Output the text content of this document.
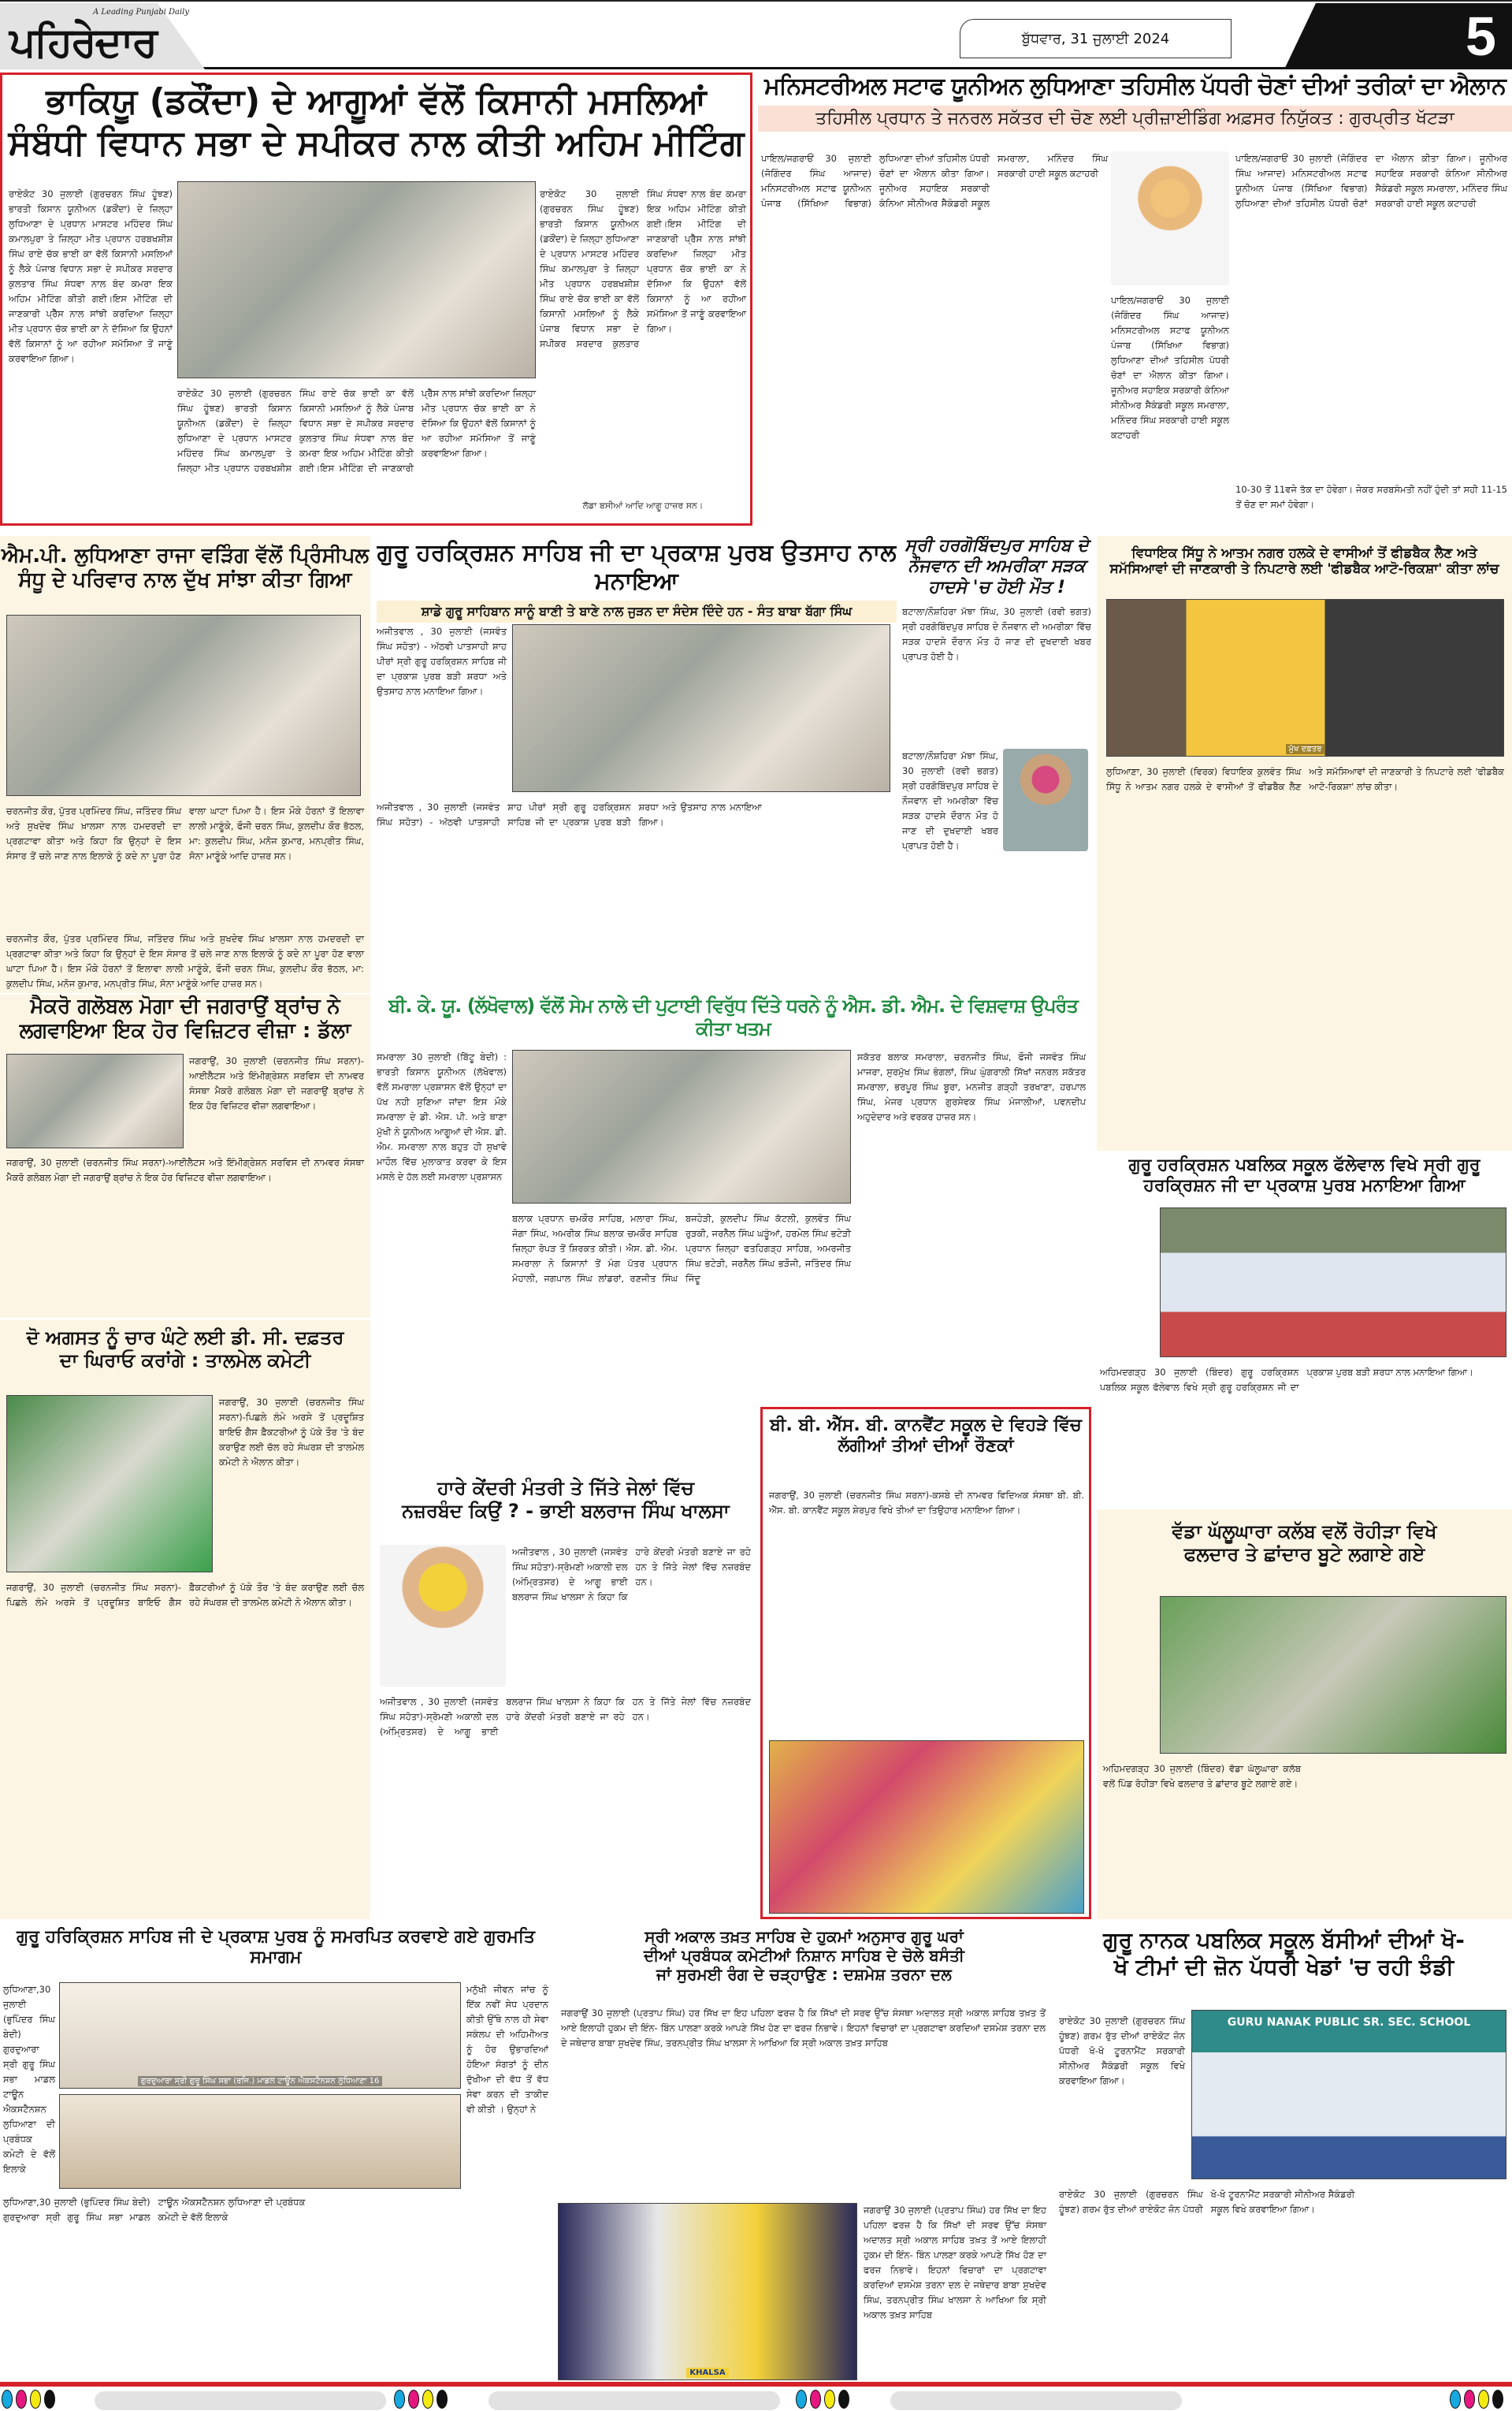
ਪਹਿਰੇਦਾਰ
A Leading Punjabi Daily
ਬੁੱਧਵਾਰ, 31 ਜੁਲਾਈ 2024	5
ਭਾਕਿਯੂ (ਡਕੌਂਦਾ) ਦੇ ਆਗੂਆਂ ਵੱਲੋਂ ਕਿਸਾਨੀ ਮਸਲਿਆਂ
ਸੰਬੰਧੀ ਵਿਧਾਨ ਸਭਾ ਦੇ ਸਪੀਕਰ ਨਾਲ ਕੀਤੀ ਅਹਿਮ ਮੀਟਿੰਗ
ਰਾਏਕੋਟ 30 ਜੁਲਾਈ (ਗੁਰਚਰਨ ਸਿੰਘ ਹੂੰਝਣ) ਭਾਰਤੀ ਕਿਸਾਨ ਯੂਨੀਅਨ (ਡਕੌਂਦਾ) ਦੇ ਜ਼ਿਲ੍ਹਾ ਲੁਧਿਆਣਾ ਦੇ ਪ੍ਰਧਾਨ ਮਾਸਟਰ ਮਹਿੰਦਰ ਸਿੰਘ ਕਮਾਲਪੁਰਾ ਤੇ ਜ਼ਿਲ੍ਹਾ ਮੀਤ ਪ੍ਰਧਾਨ ਹਰਬਖਸ਼ੀਸ਼ ਸਿੰਘ ਰਾਏ ਚੱਕ ਭਾਈ ਕਾ ਵੱਲੋਂ ਕਿਸਾਨੀ ਮਸਲਿਆਂ ਨੂੰ ਲੈਕੇ ਪੰਜਾਬ ਵਿਧਾਨ ਸਭਾ ਦੇ ਸਪੀਕਰ ਸਰਦਾਰ ਕੁਲਤਾਰ ਸਿੰਘ ਸੰਧਵਾ ਨਾਲ ਬੰਦ ਕਮਰਾ ਇਕ ਅਹਿਮ ਮੀਟਿੰਗ ਕੀਤੀ ਗਈ।ਇਸ ਮੀਟਿੰਗ ਦੀ ਜਾਣਕਾਰੀ ਪ੍ਰੈੱਸ ਨਾਲ ਸਾਂਝੀ ਕਰਦਿਆ ਜ਼ਿਲ੍ਹਾ ਮੀਤ ਪ੍ਰਧਾਨ ਚੱਕ ਭਾਈ ਕਾ ਨੇ ਦੱਸਿਆ ਕਿ ਉਹਨਾਂ ਵੱਲੋਂ ਕਿਸਾਨਾਂ ਨੂੰ ਆ ਰਹੀਆ ਸਮੱਸਿਆ ਤੋਂ ਜਾਣੂੰ ਕਰਵਾਇਆ ਗਿਆ।
ਰਾਏਕੋਟ 30 ਜੁਲਾਈ (ਗੁਰਚਰਨ ਸਿੰਘ ਹੂੰਝਣ) ਭਾਰਤੀ ਕਿਸਾਨ ਯੂਨੀਅਨ (ਡਕੌਂਦਾ) ਦੇ ਜ਼ਿਲ੍ਹਾ ਲੁਧਿਆਣਾ ਦੇ ਪ੍ਰਧਾਨ ਮਾਸਟਰ ਮਹਿੰਦਰ ਸਿੰਘ ਕਮਾਲਪੁਰਾ ਤੇ ਜ਼ਿਲ੍ਹਾ ਮੀਤ ਪ੍ਰਧਾਨ ਹਰਬਖਸ਼ੀਸ਼ ਸਿੰਘ ਰਾਏ ਚੱਕ ਭਾਈ ਕਾ ਵੱਲੋਂ ਕਿਸਾਨੀ ਮਸਲਿਆਂ ਨੂੰ ਲੈਕੇ ਪੰਜਾਬ ਵਿਧਾਨ ਸਭਾ ਦੇ ਸਪੀਕਰ ਸਰਦਾਰ ਕੁਲਤਾਰ ਸਿੰਘ ਸੰਧਵਾ ਨਾਲ ਬੰਦ ਕਮਰਾ ਇਕ ਅਹਿਮ ਮੀਟਿੰਗ ਕੀਤੀ ਗਈ।ਇਸ ਮੀਟਿੰਗ ਦੀ ਜਾਣਕਾਰੀ ਪ੍ਰੈੱਸ ਨਾਲ ਸਾਂਝੀ ਕਰਦਿਆ ਜ਼ਿਲ੍ਹਾ ਮੀਤ ਪ੍ਰਧਾਨ ਚੱਕ ਭਾਈ ਕਾ ਨੇ ਦੱਸਿਆ ਕਿ ਉਹਨਾਂ ਵੱਲੋਂ ਕਿਸਾਨਾਂ ਨੂੰ ਆ ਰਹੀਆ ਸਮੱਸਿਆ ਤੋਂ ਜਾਣੂੰ ਕਰਵਾਇਆ ਗਿਆ।
ਰਾਏਕੋਟ 30 ਜੁਲਾਈ (ਗੁਰਚਰਨ ਸਿੰਘ ਹੂੰਝਣ) ਭਾਰਤੀ ਕਿਸਾਨ ਯੂਨੀਅਨ (ਡਕੌਂਦਾ) ਦੇ ਜ਼ਿਲ੍ਹਾ ਲੁਧਿਆਣਾ ਦੇ ਪ੍ਰਧਾਨ ਮਾਸਟਰ ਮਹਿੰਦਰ ਸਿੰਘ ਕਮਾਲਪੁਰਾ ਤੇ ਜ਼ਿਲ੍ਹਾ ਮੀਤ ਪ੍ਰਧਾਨ ਹਰਬਖਸ਼ੀਸ਼ ਸਿੰਘ ਰਾਏ ਚੱਕ ਭਾਈ ਕਾ ਵੱਲੋਂ ਕਿਸਾਨੀ ਮਸਲਿਆਂ ਨੂੰ ਲੈਕੇ ਪੰਜਾਬ ਵਿਧਾਨ ਸਭਾ ਦੇ ਸਪੀਕਰ ਸਰਦਾਰ ਕੁਲਤਾਰ ਸਿੰਘ ਸੰਧਵਾ ਨਾਲ ਬੰਦ ਕਮਰਾ ਇਕ ਅਹਿਮ ਮੀਟਿੰਗ ਕੀਤੀ ਗਈ।ਇਸ ਮੀਟਿੰਗ ਦੀ ਜਾਣਕਾਰੀ ਪ੍ਰੈੱਸ ਨਾਲ ਸਾਂਝੀ ਕਰਦਿਆ ਜ਼ਿਲ੍ਹਾ ਮੀਤ ਪ੍ਰਧਾਨ ਚੱਕ ਭਾਈ ਕਾ ਨੇ ਦੱਸਿਆ ਕਿ ਉਹਨਾਂ ਵੱਲੋਂ ਕਿਸਾਨਾਂ ਨੂੰ ਆ ਰਹੀਆ ਸਮੱਸਿਆ ਤੋਂ ਜਾਣੂੰ ਕਰਵਾਇਆ ਗਿਆ।
ਲੱਡਾ ਬਸੀਆਂ ਆਦਿ ਆਗੂ ਹਾਜ਼ਰ ਸਨ।
ਮਨਿਸਟਰੀਅਲ ਸਟਾਫ ਯੂਨੀਅਨ ਲੁਧਿਆਣਾ ਤਹਿਸੀਲ ਪੱਧਰੀ ਚੋਣਾਂ ਦੀਆਂ ਤਰੀਕਾਂ ਦਾ ਐਲਾਨ
ਤਹਿਸੀਲ ਪ੍ਰਧਾਨ ਤੇ ਜਨਰਲ ਸਕੱਤਰ ਦੀ ਚੋਣ ਲਈ ਪ੍ਰੀਜ਼ਾਈਡਿੰਗ ਅਫ਼ਸਰ ਨਿਯੁੱਕਤ : ਗੁਰਪ੍ਰੀਤ ਖੱਟੜਾ
ਪਾਇਲ/ਜਗਰਾਓਂ 30 ਜੁਲਾਈ (ਜੋਗਿੰਦਰ ਸਿੰਘ ਆਜਾਦ) ਮਨਿਸਟਰੀਅਲ ਸਟਾਫ ਯੂਨੀਅਨ ਪੰਜਾਬ (ਸਿੱਖਿਆ ਵਿਭਾਗ) ਲੁਧਿਆਣਾ ਦੀਆਂ ਤਹਿਸੀਲ ਪੱਧਰੀ ਚੋਣਾਂ ਦਾ ਐਲਾਨ ਕੀਤਾ ਗਿਆ। ਜੂਨੀਅਰ ਸਹਾਇਕ ਸਰਕਾਰੀ ਕੰਨਿਆ ਸੀਨੀਅਰ ਸੈਕੰਡਰੀ ਸਕੂਲ ਸਮਰਾਲਾ, ਮਨਿੰਦਰ ਸਿੰਘ ਸਰਕਾਰੀ ਹਾਈ ਸਕੂਲ ਕਟਾਹਰੀ
ਪਾਇਲ/ਜਗਰਾਓਂ 30 ਜੁਲਾਈ (ਜੋਗਿੰਦਰ ਸਿੰਘ ਆਜਾਦ) ਮਨਿਸਟਰੀਅਲ ਸਟਾਫ ਯੂਨੀਅਨ ਪੰਜਾਬ (ਸਿੱਖਿਆ ਵਿਭਾਗ) ਲੁਧਿਆਣਾ ਦੀਆਂ ਤਹਿਸੀਲ ਪੱਧਰੀ ਚੋਣਾਂ ਦਾ ਐਲਾਨ ਕੀਤਾ ਗਿਆ। ਜੂਨੀਅਰ ਸਹਾਇਕ ਸਰਕਾਰੀ ਕੰਨਿਆ ਸੀਨੀਅਰ ਸੈਕੰਡਰੀ ਸਕੂਲ ਸਮਰਾਲਾ, ਮਨਿੰਦਰ ਸਿੰਘ ਸਰਕਾਰੀ ਹਾਈ ਸਕੂਲ ਕਟਾਹਰੀ
ਪਾਇਲ/ਜਗਰਾਓਂ 30 ਜੁਲਾਈ (ਜੋਗਿੰਦਰ ਸਿੰਘ ਆਜਾਦ) ਮਨਿਸਟਰੀਅਲ ਸਟਾਫ ਯੂਨੀਅਨ ਪੰਜਾਬ (ਸਿੱਖਿਆ ਵਿਭਾਗ) ਲੁਧਿਆਣਾ ਦੀਆਂ ਤਹਿਸੀਲ ਪੱਧਰੀ ਚੋਣਾਂ ਦਾ ਐਲਾਨ ਕੀਤਾ ਗਿਆ। ਜੂਨੀਅਰ ਸਹਾਇਕ ਸਰਕਾਰੀ ਕੰਨਿਆ ਸੀਨੀਅਰ ਸੈਕੰਡਰੀ ਸਕੂਲ ਸਮਰਾਲਾ, ਮਨਿੰਦਰ ਸਿੰਘ ਸਰਕਾਰੀ ਹਾਈ ਸਕੂਲ ਕਟਾਹਰੀ
10-30 ਤੋਂ 11ਵਜੇ ਤੱਕ ਦਾ ਹੋਵੇਗਾ। ਜੇਕਰ ਸਰਬਸੰਮਤੀ ਨਹੀਂ ਹੁੰਦੀ ਤਾਂ ਸਹੀ 11-15 ਤੋਂ ਚੋਣ ਦਾ ਸਮਾਂ ਹੋਵੇਗਾ।
ਐਮ.ਪੀ. ਲੁਧਿਆਣਾ ਰਾਜਾ ਵੜਿੰਗ ਵੱਲੋਂ ਪ੍ਰਿੰਸੀਪਲ
ਸੰਧੂ ਦੇ ਪਰਿਵਾਰ ਨਾਲ ਦੁੱਖ ਸਾਂਝਾ ਕੀਤਾ ਗਿਆ
ਚਰਨਜੀਤ ਕੌਰ, ਪੁੱਤਰ ਪ੍ਰਮਿੰਦਰ ਸਿੰਘ, ਜਤਿੰਦਰ ਸਿੰਘ ਅਤੇ ਸੁਖਦੇਵ ਸਿੰਘ ਖ਼ਾਲਸਾ ਨਾਲ ਹਮਦਰਦੀ ਦਾ ਪ੍ਰਗਟਾਵਾ ਕੀਤਾ ਅਤੇ ਕਿਹਾ ਕਿ ਉਨ੍ਹਾਂ ਦੇ ਇਸ ਸੰਸਾਰ ਤੋਂ ਚਲੇ ਜਾਣ ਨਾਲ ਇਲਾਕੇ ਨੂੰ ਕਦੇ ਨਾ ਪੂਰਾ ਹੋਣ ਵਾਲਾ ਘਾਟਾ ਪਿਆ ਹੈ। ਇਸ ਮੌਕੇ ਹੋਰਨਾਂ ਤੋਂ ਇਲਾਵਾ ਲਾਲੀ ਮਾਣੂੰਕੇ, ਫੌਜੀ ਚਰਨ ਸਿੰਘ, ਕੁਲਦੀਪ ਕੌਰ ਭੱਠਲ, ਮਾ: ਕੁਲਦੀਪ ਸਿੰਘ, ਮਨੋਜ ਕੁਮਾਰ, ਮਨਪ੍ਰੀਤ ਸਿੰਘ, ਸੋਨਾ ਮਾਣੂੰਕੇ ਆਦਿ ਹਾਜ਼ਰ ਸਨ।
ਚਰਨਜੀਤ ਕੌਰ, ਪੁੱਤਰ ਪ੍ਰਮਿੰਦਰ ਸਿੰਘ, ਜਤਿੰਦਰ ਸਿੰਘ ਅਤੇ ਸੁਖਦੇਵ ਸਿੰਘ ਖ਼ਾਲਸਾ ਨਾਲ ਹਮਦਰਦੀ ਦਾ ਪ੍ਰਗਟਾਵਾ ਕੀਤਾ ਅਤੇ ਕਿਹਾ ਕਿ ਉਨ੍ਹਾਂ ਦੇ ਇਸ ਸੰਸਾਰ ਤੋਂ ਚਲੇ ਜਾਣ ਨਾਲ ਇਲਾਕੇ ਨੂੰ ਕਦੇ ਨਾ ਪੂਰਾ ਹੋਣ ਵਾਲਾ ਘਾਟਾ ਪਿਆ ਹੈ। ਇਸ ਮੌਕੇ ਹੋਰਨਾਂ ਤੋਂ ਇਲਾਵਾ ਲਾਲੀ ਮਾਣੂੰਕੇ, ਫੌਜੀ ਚਰਨ ਸਿੰਘ, ਕੁਲਦੀਪ ਕੌਰ ਭੱਠਲ, ਮਾ: ਕੁਲਦੀਪ ਸਿੰਘ, ਮਨੋਜ ਕੁਮਾਰ, ਮਨਪ੍ਰੀਤ ਸਿੰਘ, ਸੋਨਾ ਮਾਣੂੰਕੇ ਆਦਿ ਹਾਜ਼ਰ ਸਨ।
ਗੁਰੂ ਹਰਕ੍ਰਿਸ਼ਨ ਸਾਹਿਬ ਜੀ ਦਾ ਪ੍ਰਕਾਸ਼ ਪੁਰਬ ਉਤਸਾਹ ਨਾਲ ਮਨਾਇਆ
ਸ਼ਾਡੇ ਗੁਰੂ ਸਾਹਿਬਾਨ ਸਾਨੂੰ ਬਾਣੀ ਤੇ ਬਾਣੇ ਨਾਲ ਜੁੜਨ ਦਾ ਸੰਦੇਸ ਦਿੰਦੇ ਹਨ - ਸੰਤ ਬਾਬਾ ਬੱਗਾ ਸਿੰਘ
ਅਜੀਤਵਾਲ , 30 ਜੁਲਾਈ (ਜਸਵੰਤ ਸਿੰਘ ਸਹੋਤਾ) - ਅੱਠਵੀ ਪਾਤਸਾਹੀ ਸ਼ਾਹ ਪੀਰਾਂ ਸ੍ਰੀ ਗੁਰੂ ਹਰਕ੍ਰਿਸ਼ਨ ਸਾਹਿਬ ਜੀ ਦਾ ਪ੍ਰਕਾਸ਼ ਪੁਰਬ ਬੜੀ ਸ਼ਰਧਾ ਅਤੇ ਉਤਸਾਹ ਨਾਲ ਮਨਾਇਆ ਗਿਆ।
ਅਜੀਤਵਾਲ , 30 ਜੁਲਾਈ (ਜਸਵੰਤ ਸਿੰਘ ਸਹੋਤਾ) - ਅੱਠਵੀ ਪਾਤਸਾਹੀ ਸ਼ਾਹ ਪੀਰਾਂ ਸ੍ਰੀ ਗੁਰੂ ਹਰਕ੍ਰਿਸ਼ਨ ਸਾਹਿਬ ਜੀ ਦਾ ਪ੍ਰਕਾਸ਼ ਪੁਰਬ ਬੜੀ ਸ਼ਰਧਾ ਅਤੇ ਉਤਸਾਹ ਨਾਲ ਮਨਾਇਆ ਗਿਆ।
ਸ੍ਰੀ ਹਰਗੋਬਿੰਦਪੁਰ ਸਾਹਿਬ ਦੇ
ਨੌਜਵਾਨ ਦੀ ਅਮਰੀਕਾ ਸੜਕ
ਹਾਦਸੇ 'ਚ ਹੋਈ ਮੌਤ !
ਬਟਾਲਾ/ਨੌਸ਼ਹਿਰਾ ਮੱਝਾ ਸਿੰਘ, 30 ਜੁਲਾਈ (ਰਵੀ ਭਗਤ) ਸ੍ਰੀ ਹਰਗੋਬਿੰਦਪੁਰ ਸਾਹਿਬ ਦੇ ਨੌਜਵਾਨ ਦੀ ਅਮਰੀਕਾ ਵਿੱਚ ਸੜਕ ਹਾਦਸੇ ਦੌਰਾਨ ਮੌਤ ਹੋ ਜਾਣ ਦੀ ਦੁਖਦਾਈ ਖਬਰ ਪ੍ਰਾਪਤ ਹੋਈ ਹੈ।
ਬਟਾਲਾ/ਨੌਸ਼ਹਿਰਾ ਮੱਝਾ ਸਿੰਘ, 30 ਜੁਲਾਈ (ਰਵੀ ਭਗਤ) ਸ੍ਰੀ ਹਰਗੋਬਿੰਦਪੁਰ ਸਾਹਿਬ ਦੇ ਨੌਜਵਾਨ ਦੀ ਅਮਰੀਕਾ ਵਿੱਚ ਸੜਕ ਹਾਦਸੇ ਦੌਰਾਨ ਮੌਤ ਹੋ ਜਾਣ ਦੀ ਦੁਖਦਾਈ ਖਬਰ ਪ੍ਰਾਪਤ ਹੋਈ ਹੈ।
ਵਿਧਾਇਕ ਸਿੱਧੂ ਨੇ ਆਤਮ ਨਗਰ ਹਲਕੇ ਦੇ ਵਾਸੀਆਂ ਤੋਂ ਫੀਡਬੈਕ ਲੈਣ ਅਤੇ
ਸਮੱਸਿਆਵਾਂ ਦੀ ਜਾਣਕਾਰੀ ਤੇ ਨਿਪਟਾਰੇ ਲਈ 'ਫੀਡਬੈਕ ਆਟੋ-ਰਿਕਸ਼ਾ' ਕੀਤਾ ਲਾਂਚ
ਮੁੱਖ ਦਫ਼ਤਰ
ਲੁਧਿਆਣਾ, 30 ਜੁਲਾਈ (ਵਿਰਕ) ਵਿਧਾਇਕ ਕੁਲਵੰਤ ਸਿੰਘ ਸਿੱਧੂ ਨੇ ਆਤਮ ਨਗਰ ਹਲਕੇ ਦੇ ਵਾਸੀਆਂ ਤੋਂ ਫੀਡਬੈਕ ਲੈਣ ਅਤੇ ਸਮੱਸਿਆਵਾਂ ਦੀ ਜਾਣਕਾਰੀ ਤੇ ਨਿਪਟਾਰੇ ਲਈ 'ਫੀਡਬੈਕ ਆਟੋ-ਰਿਕਸ਼ਾ' ਲਾਂਚ ਕੀਤਾ।
ਮੈਕਰੋ ਗਲੋਬਲ ਮੋਗਾ ਦੀ ਜਗਰਾਉਂ ਬ੍ਰਾਂਚ ਨੇ
ਲਗਵਾਇਆ ਇਕ ਹੋਰ ਵਿਜ਼ਿਟਰ ਵੀਜ਼ਾ : ਡੱਲਾ
ਜਗਰਾਉਂ, 30 ਜੁਲਾਈ (ਚਰਨਜੀਤ ਸਿੰਘ ਸਰਨਾ)-ਆਈਲੈਟਸ ਅਤੇ ਇੰਮੀਗ੍ਰੇਸ਼ਨ ਸਰਵਿਸ ਦੀ ਨਾਮਵਰ ਸੰਸਥਾ ਮੈਕਰੋ ਗਲੋਬਲ ਮੋਗਾ ਦੀ ਜਗਰਾਉਂ ਬ੍ਰਾਂਚ ਨੇ ਇਕ ਹੋਰ ਵਿਜ਼ਿਟਰ ਵੀਜ਼ਾ ਲਗਵਾਇਆ।
ਜਗਰਾਉਂ, 30 ਜੁਲਾਈ (ਚਰਨਜੀਤ ਸਿੰਘ ਸਰਨਾ)-ਆਈਲੈਟਸ ਅਤੇ ਇੰਮੀਗ੍ਰੇਸ਼ਨ ਸਰਵਿਸ ਦੀ ਨਾਮਵਰ ਸੰਸਥਾ ਮੈਕਰੋ ਗਲੋਬਲ ਮੋਗਾ ਦੀ ਜਗਰਾਉਂ ਬ੍ਰਾਂਚ ਨੇ ਇਕ ਹੋਰ ਵਿਜ਼ਿਟਰ ਵੀਜ਼ਾ ਲਗਵਾਇਆ।
ਬੀ. ਕੇ. ਯੂ. (ਲੱਖੋਵਾਲ) ਵੱਲੋਂ ਸੇਮ ਨਾਲੇ ਦੀ ਪੁਟਾਈ ਵਿਰੁੱਧ ਦਿੱਤੇ ਧਰਨੇ ਨੂੰ ਐਸ. ਡੀ. ਐਮ. ਦੇ ਵਿਸ਼ਵਾਸ਼ ਉਪਰੰਤ ਕੀਤਾ ਖਤਮ
ਸਮਰਾਲਾ 30 ਜੁਲਾਈ (ਬਿੱਟੂ ਬੇਦੀ) : ਭਾਰਤੀ ਕਿਸਾਨ ਯੂਨੀਅਨ (ਲੱਖੋਵਾਲ) ਵੱਲੋਂ ਸਮਰਾਲਾ ਪ੍ਰਸ਼ਾਸਨ ਵੱਲੋਂ ਉਨ੍ਹਾਂ ਦਾ ਪੱਖ ਨਹੀ ਸੁਣਿਆ ਜਾਂਦਾ ਇਸ ਮੌਕੇ ਸਮਰਾਲਾ ਦੇ ਡੀ. ਐਸ. ਪੀ. ਅਤੇ ਥਾਣਾ ਮੁੱਖੀ ਨੇ ਯੂਨੀਅਨ ਆਗੂਆਂ ਦੀ ਐਸ. ਡੀ. ਐਮ. ਸਮਰਾਲਾ ਨਾਲ ਬਹੁਤ ਹੀ ਸੁਖਾਵੇ ਮਾਹੌਲ ਵਿੱਚ ਮੁਲਾਕਾਤ ਕਰਵਾ ਕੇ ਇਸ ਮਸਲੇ ਦੇ ਹੱਲ ਲਈ ਸਮਰਾਲਾ ਪ੍ਰਸ਼ਾਸਨ
ਬਲਾਕ ਪ੍ਰਧਾਨ ਚਮਕੌਰ ਸਾਹਿਬ, ਮਲਾਰਾ ਸਿੰਘ, ਜੋਗਾ ਸਿੰਘ, ਅਮਰੀਕ ਸਿੰਘ ਬਲਾਕ ਚਮਕੌਰ ਸਾਹਿਬ ਜ਼ਿਲ੍ਹਾ ਰੋਪੜ ਤੋਂ ਸ਼ਿਰਕਤ ਕੀਤੀ। ਐਸ. ਡੀ. ਐਮ. ਸਮਰਾਲਾ ਨੇ ਕਿਸਾਨਾਂ ਤੋਂ ਮੰਗ ਪੱਤਰ ਪ੍ਰਧਾਨ ਮੋਹਾਲੀ, ਜਗਪਾਲ ਸਿੰਘ ਲਾਂਡਰਾਂ, ਰਣਜੀਤ ਸਿੰਘ ਬਜਹੇੜੀ, ਕੁਲਦੀਪ ਸਿੰਘ ਕੱਟਲੀ, ਕੁਲਵੰਤ ਸਿੰਘ ਰੁੜਕੀ, ਜਰਨੈਲ ਸਿੰਘ ਘੜੂੰਆਂ, ਹਰਮੇਲ ਸਿੰਘ ਭਟੇੜੀ ਪ੍ਰਧਾਨ ਜ਼ਿਲ੍ਹਾ ਫਤਹਿਗੜ੍ਹ ਸਾਹਿਬ, ਅਮਰਜੀਤ ਸਿੰਘ ਭਟੇੜੀ, ਜਰਨੈਲ ਸਿੰਘ ਭੜੌਜੀ, ਜਤਿੰਦਰ ਸਿੰਘ ਜਿੰਦੂ
ਸਕੱਤਰ ਬਲਾਕ ਸਮਰਾਲਾ, ਚਰਨਜੀਤ ਸਿੰਘ, ਫੌਜੀ ਜਸਵੰਤ ਸਿੰਘ ਮਾਜਰਾ, ਸੁਰਮੁੱਖ ਸਿੰਘ ਭੰਗਲਾਂ, ਸਿੰਘ ਘੁੰਗਰਾਲੀ ਸਿੱਖਾਂ ਜਨਰਲ ਸਕੱਤਰ ਸਮਰਾਲਾ, ਭਰਪੂਰ ਸਿੰਘ ਬੂਰਾ, ਮਨਜੀਤ ਗੜ੍ਹੀ ਤਰਖਾਣਾ, ਹਰਪਾਲ ਸਿੰਘ, ਮੇਜਰ ਪ੍ਰਧਾਨ ਗੁਰਸੇਵਕ ਸਿੰਘ ਮੰਜਾਲੀਆਂ, ਪਵਨਦੀਪ ਅਹੁਦੇਦਾਰ ਅਤੇ ਵਰਕਰ ਹਾਜ਼ਰ ਸਨ।
ਗੁਰੂ ਹਰਕ੍ਰਿਸ਼ਨ ਪਬਲਿਕ ਸਕੂਲ ਫੱਲੇਵਾਲ ਵਿਖੇ ਸ੍ਰੀ ਗੁਰੂ
ਹਰਕ੍ਰਿਸ਼ਨ ਜੀ ਦਾ ਪ੍ਰਕਾਸ਼ ਪੁਰਬ ਮਨਾਇਆ ਗਿਆ
ਅਹਿਮਦਗੜ੍ਹ 30 ਜੁਲਾਈ (ਬਿੰਦਰ) ਗੁਰੂ ਹਰਕ੍ਰਿਸ਼ਨ ਪਬਲਿਕ ਸਕੂਲ ਫੱਲੇਵਾਲ ਵਿਖੇ ਸ੍ਰੀ ਗੁਰੂ ਹਰਕ੍ਰਿਸ਼ਨ ਜੀ ਦਾ ਪ੍ਰਕਾਸ਼ ਪੁਰਬ ਬੜੀ ਸ਼ਰਧਾ ਨਾਲ ਮਨਾਇਆ ਗਿਆ।
ਦੋ ਅਗਸਤ ਨੂੰ ਚਾਰ ਘੰਟੇ ਲਈ ਡੀ. ਸੀ. ਦਫ਼ਤਰ
ਦਾ ਘਿਰਾਓ ਕਰਾਂਗੇ : ਤਾਲਮੇਲ ਕਮੇਟੀ
ਜਗਰਾਉਂ, 30 ਜੁਲਾਈ (ਚਰਨਜੀਤ ਸਿੰਘ ਸਰਨਾ)-ਪਿਛਲੇ ਲੰਮੇ ਅਰਸੇ ਤੋਂ ਪ੍ਰਦੂਸ਼ਿਤ ਬਾਇਓ ਗੈਸ ਫ਼ੈਕਟਰੀਆਂ ਨੂੰ ਪੱਕੇ ਤੌਰ 'ਤੇ ਬੰਦ ਕਰਾਉਣ ਲਈ ਚੱਲ ਰਹੇ ਸੰਘਰਸ਼ ਦੀ ਤਾਲਮੇਲ ਕਮੇਟੀ ਨੇ ਐਲਾਨ ਕੀਤਾ।
ਜਗਰਾਉਂ, 30 ਜੁਲਾਈ (ਚਰਨਜੀਤ ਸਿੰਘ ਸਰਨਾ)-ਪਿਛਲੇ ਲੰਮੇ ਅਰਸੇ ਤੋਂ ਪ੍ਰਦੂਸ਼ਿਤ ਬਾਇਓ ਗੈਸ ਫ਼ੈਕਟਰੀਆਂ ਨੂੰ ਪੱਕੇ ਤੌਰ 'ਤੇ ਬੰਦ ਕਰਾਉਣ ਲਈ ਚੱਲ ਰਹੇ ਸੰਘਰਸ਼ ਦੀ ਤਾਲਮੇਲ ਕਮੇਟੀ ਨੇ ਐਲਾਨ ਕੀਤਾ।
ਬੀ. ਬੀ. ਐੱਸ. ਬੀ. ਕਾਨਵੈਂਟ ਸਕੂਲ ਦੇ ਵਿਹੜੇ ਵਿੱਚ
ਲੱਗੀਆਂ ਤੀਆਂ ਦੀਆਂ ਰੌਣਕਾਂ
ਜਗਰਾਉਂ, 30 ਜੁਲਾਈ (ਚਰਨਜੀਤ ਸਿੰਘ ਸਰਨਾ)-ਕਸਬੇ ਦੀ ਨਾਮਵਰ ਵਿਦਿਅਕ ਸੰਸਥਾ ਬੀ. ਬੀ. ਐੱਸ. ਬੀ. ਕਾਨਵੈਂਟ ਸਕੂਲ ਸ਼ੇਰਪੁਰ ਵਿਖੇ ਤੀਆਂ ਦਾ ਤਿਉਹਾਰ ਮਨਾਇਆ ਗਿਆ।
ਹਾਰੇ ਕੇਂਦਰੀ ਮੰਤਰੀ ਤੇ ਜਿੱਤੇ ਜੇਲਾਂ ਵਿੱਚ
ਨਜ਼ਰਬੰਦ ਕਿਉਂ ? - ਭਾਈ ਬਲਰਾਜ ਸਿੰਘ ਖਾਲਸਾ
ਅਜੀਤਵਾਲ , 30 ਜੁਲਾਈ (ਜਸਵੰਤ ਸਿੰਘ ਸਹੋਤਾ)-ਸ੍ਰੋਮਣੀ ਅਕਾਲੀ ਦਲ (ਅੰਮ੍ਰਿਤਸਰ) ਦੇ ਆਗੂ ਭਾਈ ਬਲਰਾਜ ਸਿੰਘ ਖਾਲਸਾ ਨੇ ਕਿਹਾ ਕਿ ਹਾਰੇ ਕੇਂਦਰੀ ਮੰਤਰੀ ਬਣਾਏ ਜਾ ਰਹੇ ਹਨ ਤੇ ਜਿੱਤੇ ਜੇਲਾਂ ਵਿੱਚ ਨਜ਼ਰਬੰਦ ਹਨ।
ਅਜੀਤਵਾਲ , 30 ਜੁਲਾਈ (ਜਸਵੰਤ ਸਿੰਘ ਸਹੋਤਾ)-ਸ੍ਰੋਮਣੀ ਅਕਾਲੀ ਦਲ (ਅੰਮ੍ਰਿਤਸਰ) ਦੇ ਆਗੂ ਭਾਈ ਬਲਰਾਜ ਸਿੰਘ ਖਾਲਸਾ ਨੇ ਕਿਹਾ ਕਿ ਹਾਰੇ ਕੇਂਦਰੀ ਮੰਤਰੀ ਬਣਾਏ ਜਾ ਰਹੇ ਹਨ ਤੇ ਜਿੱਤੇ ਜੇਲਾਂ ਵਿੱਚ ਨਜ਼ਰਬੰਦ ਹਨ।
ਵੱਡਾ ਘੱਲੂਘਾਰਾ ਕਲੱਬ ਵਲੋਂ ਰੋਹੀੜਾ ਵਿਖੇ
ਫਲਦਾਰ ਤੇ ਛਾਂਦਾਰ ਬੂਟੇ ਲਗਾਏ ਗਏ
ਅਹਿਮਦਗੜ੍ਹ 30 ਜੁਲਾਈ (ਬਿੰਦਰ) ਵੱਡਾ ਘੱਲੂਘਾਰਾ ਕਲੱਬ ਵਲੋਂ ਪਿੰਡ ਰੋਹੀੜਾ ਵਿਖੇ ਫਲਦਾਰ ਤੇ ਛਾਂਦਾਰ ਬੂਟੇ ਲਗਾਏ ਗਏ।
ਗੁਰੂ ਹਰਿਕ੍ਰਿਸ਼ਨ ਸਾਹਿਬ ਜੀ ਦੇ ਪ੍ਰਕਾਸ਼ ਪੁਰਬ ਨੂੰ ਸਮਰਪਿਤ ਕਰਵਾਏ ਗਏ ਗੁਰਮਤਿ ਸਮਾਗਮ
ਲੁਧਿਆਣਾ,30 ਜੁਲਾਈ (ਭੁਪਿੰਦਰ ਸਿੰਘ ਬੇਦੀ) ਗੁਰਦੁਆਰਾ ਸ੍ਰੀ ਗੁਰੂ ਸਿੰਘ ਸਭਾ ਮਾਡਲ ਟਾਊਨ ਐਕਸਟੈਨਸ਼ਨ ਲੁਧਿਆਣਾ ਦੀ ਪ੍ਰਬੰਧਕ ਕਮੇਟੀ ਦੇ ਵੱਲੋਂ ਇਲਾਕੇ
ਗੁਰਦੁਆਰਾ ਸ੍ਰੀ ਗੁਰੂ ਸਿੰਘ ਸਭਾ (ਰਜਿ.) ਮਾਡਲ ਟਾਊਨ ਐਕਸਟੈਨਸ਼ਨ ਲੁਧਿਆਣਾ 16
ਮਨੁੱਖੀ ਜੀਵਨ ਜਾਂਚ ਨੂੰ ਇੱਕ ਨਵੀਂ ਸੇਧ ਪ੍ਰਦਾਨ ਕੀਤੀ ਉੱਥੇ ਨਾਲ ਹੀ ਸੇਵਾ ਸਕੰਲਪ ਦੀ ਅਹਿਮੀਅਤ ਨੂੰ ਹੋਰ ਉਭਾਰਦਿਆਂ ਹੋਇਆ ਸੰਗਤਾਂ ਨੂੰ ਦੀਨ ਦੁੱਖੀਆ ਦੀ ਵੱਧ ਤੋਂ ਵੱਧ ਸੇਵਾ ਕਰਨ ਦੀ ਤਾਕੀਦ ਵੀ ਕੀਤੀ । ਉਨ੍ਹਾਂ ਨੇ
ਲੁਧਿਆਣਾ,30 ਜੁਲਾਈ (ਭੁਪਿੰਦਰ ਸਿੰਘ ਬੇਦੀ) ਗੁਰਦੁਆਰਾ ਸ੍ਰੀ ਗੁਰੂ ਸਿੰਘ ਸਭਾ ਮਾਡਲ ਟਾਊਨ ਐਕਸਟੈਨਸ਼ਨ ਲੁਧਿਆਣਾ ਦੀ ਪ੍ਰਬੰਧਕ ਕਮੇਟੀ ਦੇ ਵੱਲੋਂ ਇਲਾਕੇ
ਸ੍ਰੀ ਅਕਾਲ ਤਖ਼ਤ ਸਾਹਿਬ ਦੇ ਹੁਕਮਾਂ ਅਨੁਸਾਰ ਗੁਰੂ ਘਰਾਂ
ਦੀਆਂ ਪ੍ਰਬੰਧਕ ਕਮੇਟੀਆਂ ਨਿਸ਼ਾਨ ਸਾਹਿਬ ਦੇ ਚੋਲੇ ਬਸੰਤੀ
ਜਾਂ ਸੁਰਮਈ ਰੰਗ ਦੇ ਚੜ੍ਹਾਉਣ : ਦਸ਼ਮੇਸ਼ ਤਰਨਾ ਦਲ
ਜਗਰਾਉਂ 30 ਜੁਲਾਈ (ਪ੍ਰਤਾਪ ਸਿੰਘ) ਹਰ ਸਿੱਖ ਦਾ ਇਹ ਪਹਿਲਾ ਫਰਜ਼ ਹੈ ਕਿ ਸਿੱਖਾਂ ਦੀ ਸਰਵ ਉੱਚ ਸੰਸਥਾ ਅਦਾਲਤ ਸ੍ਰੀ ਅਕਾਲ ਸਾਹਿਬ ਤਖ਼ਤ ਤੋਂ ਆਏ ਇਲਾਹੀ ਹੁਕਮ ਦੀ ਇੰਨ- ਬਿੰਨ ਪਾਲਣਾ ਕਰਕੇ ਆਪਣੇ ਸਿੱਖ ਹੋਣ ਦਾ ਫਰਜ਼ ਨਿਭਾਵੇ। ਇਹਨਾਂ ਵਿਚਾਰਾਂ ਦਾ ਪ੍ਰਗਟਾਵਾ ਕਰਦਿਆਂ ਦਸਮੇਸ਼ ਤਰਨਾ ਦਲ ਦੇ ਜਥੇਦਾਰ ਬਾਬਾ ਸੁਖਦੇਵ ਸਿੰਘ, ਤਰਨਪ੍ਰੀਤ ਸਿੰਘ ਖਾਲਸਾ ਨੇ ਆਖਿਆ ਕਿ ਸ੍ਰੀ ਅਕਾਲ ਤਖ਼ਤ ਸਾਹਿਬ
KHALSA
ਜਗਰਾਉਂ 30 ਜੁਲਾਈ (ਪ੍ਰਤਾਪ ਸਿੰਘ) ਹਰ ਸਿੱਖ ਦਾ ਇਹ ਪਹਿਲਾ ਫਰਜ਼ ਹੈ ਕਿ ਸਿੱਖਾਂ ਦੀ ਸਰਵ ਉੱਚ ਸੰਸਥਾ ਅਦਾਲਤ ਸ੍ਰੀ ਅਕਾਲ ਸਾਹਿਬ ਤਖ਼ਤ ਤੋਂ ਆਏ ਇਲਾਹੀ ਹੁਕਮ ਦੀ ਇੰਨ- ਬਿੰਨ ਪਾਲਣਾ ਕਰਕੇ ਆਪਣੇ ਸਿੱਖ ਹੋਣ ਦਾ ਫਰਜ਼ ਨਿਭਾਵੇ। ਇਹਨਾਂ ਵਿਚਾਰਾਂ ਦਾ ਪ੍ਰਗਟਾਵਾ ਕਰਦਿਆਂ ਦਸਮੇਸ਼ ਤਰਨਾ ਦਲ ਦੇ ਜਥੇਦਾਰ ਬਾਬਾ ਸੁਖਦੇਵ ਸਿੰਘ, ਤਰਨਪ੍ਰੀਤ ਸਿੰਘ ਖਾਲਸਾ ਨੇ ਆਖਿਆ ਕਿ ਸ੍ਰੀ ਅਕਾਲ ਤਖ਼ਤ ਸਾਹਿਬ
ਗੁਰੂ ਨਾਨਕ ਪਬਲਿਕ ਸਕੂਲ ਬੱਸੀਆਂ ਦੀਆਂ ਖੋ-
ਖੋ ਟੀਮਾਂ ਦੀ ਜ਼ੋਨ ਪੱਧਰੀ ਖੇਡਾਂ 'ਚ ਰਹੀ ਝੰਡੀ
ਰਾਏਕੋਟ 30 ਜੁਲਾਈ (ਗੁਰਚਰਨ ਸਿੰਘ ਹੂੰਝਣ) ਗਰਮ ਰੁੱਤ ਦੀਆਂ ਰਾਏਕੋਟ ਜ਼ੋਨ ਪੱਧਰੀ ਖੋ-ਖੋ ਟੂਰਨਾਮੈਂਟ ਸਰਕਾਰੀ ਸੀਨੀਅਰ ਸੈਕੰਡਰੀ ਸਕੂਲ ਵਿਖੇ ਕਰਵਾਇਆ ਗਿਆ।
GURU NANAK PUBLIC SR. SEC. SCHOOL
ਰਾਏਕੋਟ 30 ਜੁਲਾਈ (ਗੁਰਚਰਨ ਸਿੰਘ ਹੂੰਝਣ) ਗਰਮ ਰੁੱਤ ਦੀਆਂ ਰਾਏਕੋਟ ਜ਼ੋਨ ਪੱਧਰੀ ਖੋ-ਖੋ ਟੂਰਨਾਮੈਂਟ ਸਰਕਾਰੀ ਸੀਨੀਅਰ ਸੈਕੰਡਰੀ ਸਕੂਲ ਵਿਖੇ ਕਰਵਾਇਆ ਗਿਆ।
